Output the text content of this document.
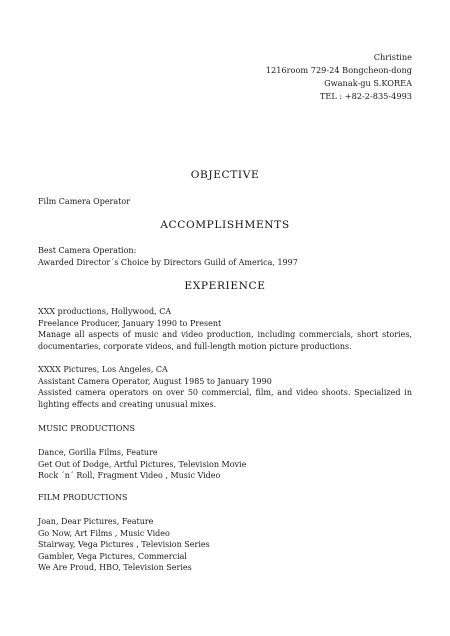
Christine
1216room 729-24 Bongcheon-dong
Gwanak-gu S.KOREA
TEL : +82-2-835-4993
OBJECTIVE

Film Camera Operator

ACCOMPLISHMENTS

Best Camera Operation:

Awarded Director´s Choice by Directors Guild of America, 1997

EXPERIENCE

XXX productions, Hollywood, CA

Freelance Producer, January 1990 to Present

Manage all aspects of music and video production, including commercials, short stories, documentaries, corporate videos, and full-length motion picture productions.

XXXX Pictures, Los Angeles, CA

Assistant Camera Operator, August 1985 to January 1990

Assisted camera operators on over 50 commercial, film, and video shoots. Specialized in lighting effects and creating unusual mixes.

MUSIC PRODUCTIONS

Dance, Gorilla Films, Feature

Get Out of Dodge, Artful Pictures, Television Movie

Rock ´n´ Roll, Fragment Video , Music Video

FILM PRODUCTIONS

Joan, Dear Pictures, Feature

Go Now, Art Films , Music Video

Stairway, Vega Pictures , Television Series

Gambler, Vega Pictures, Commercial

We Are Proud, HBO, Television Series
